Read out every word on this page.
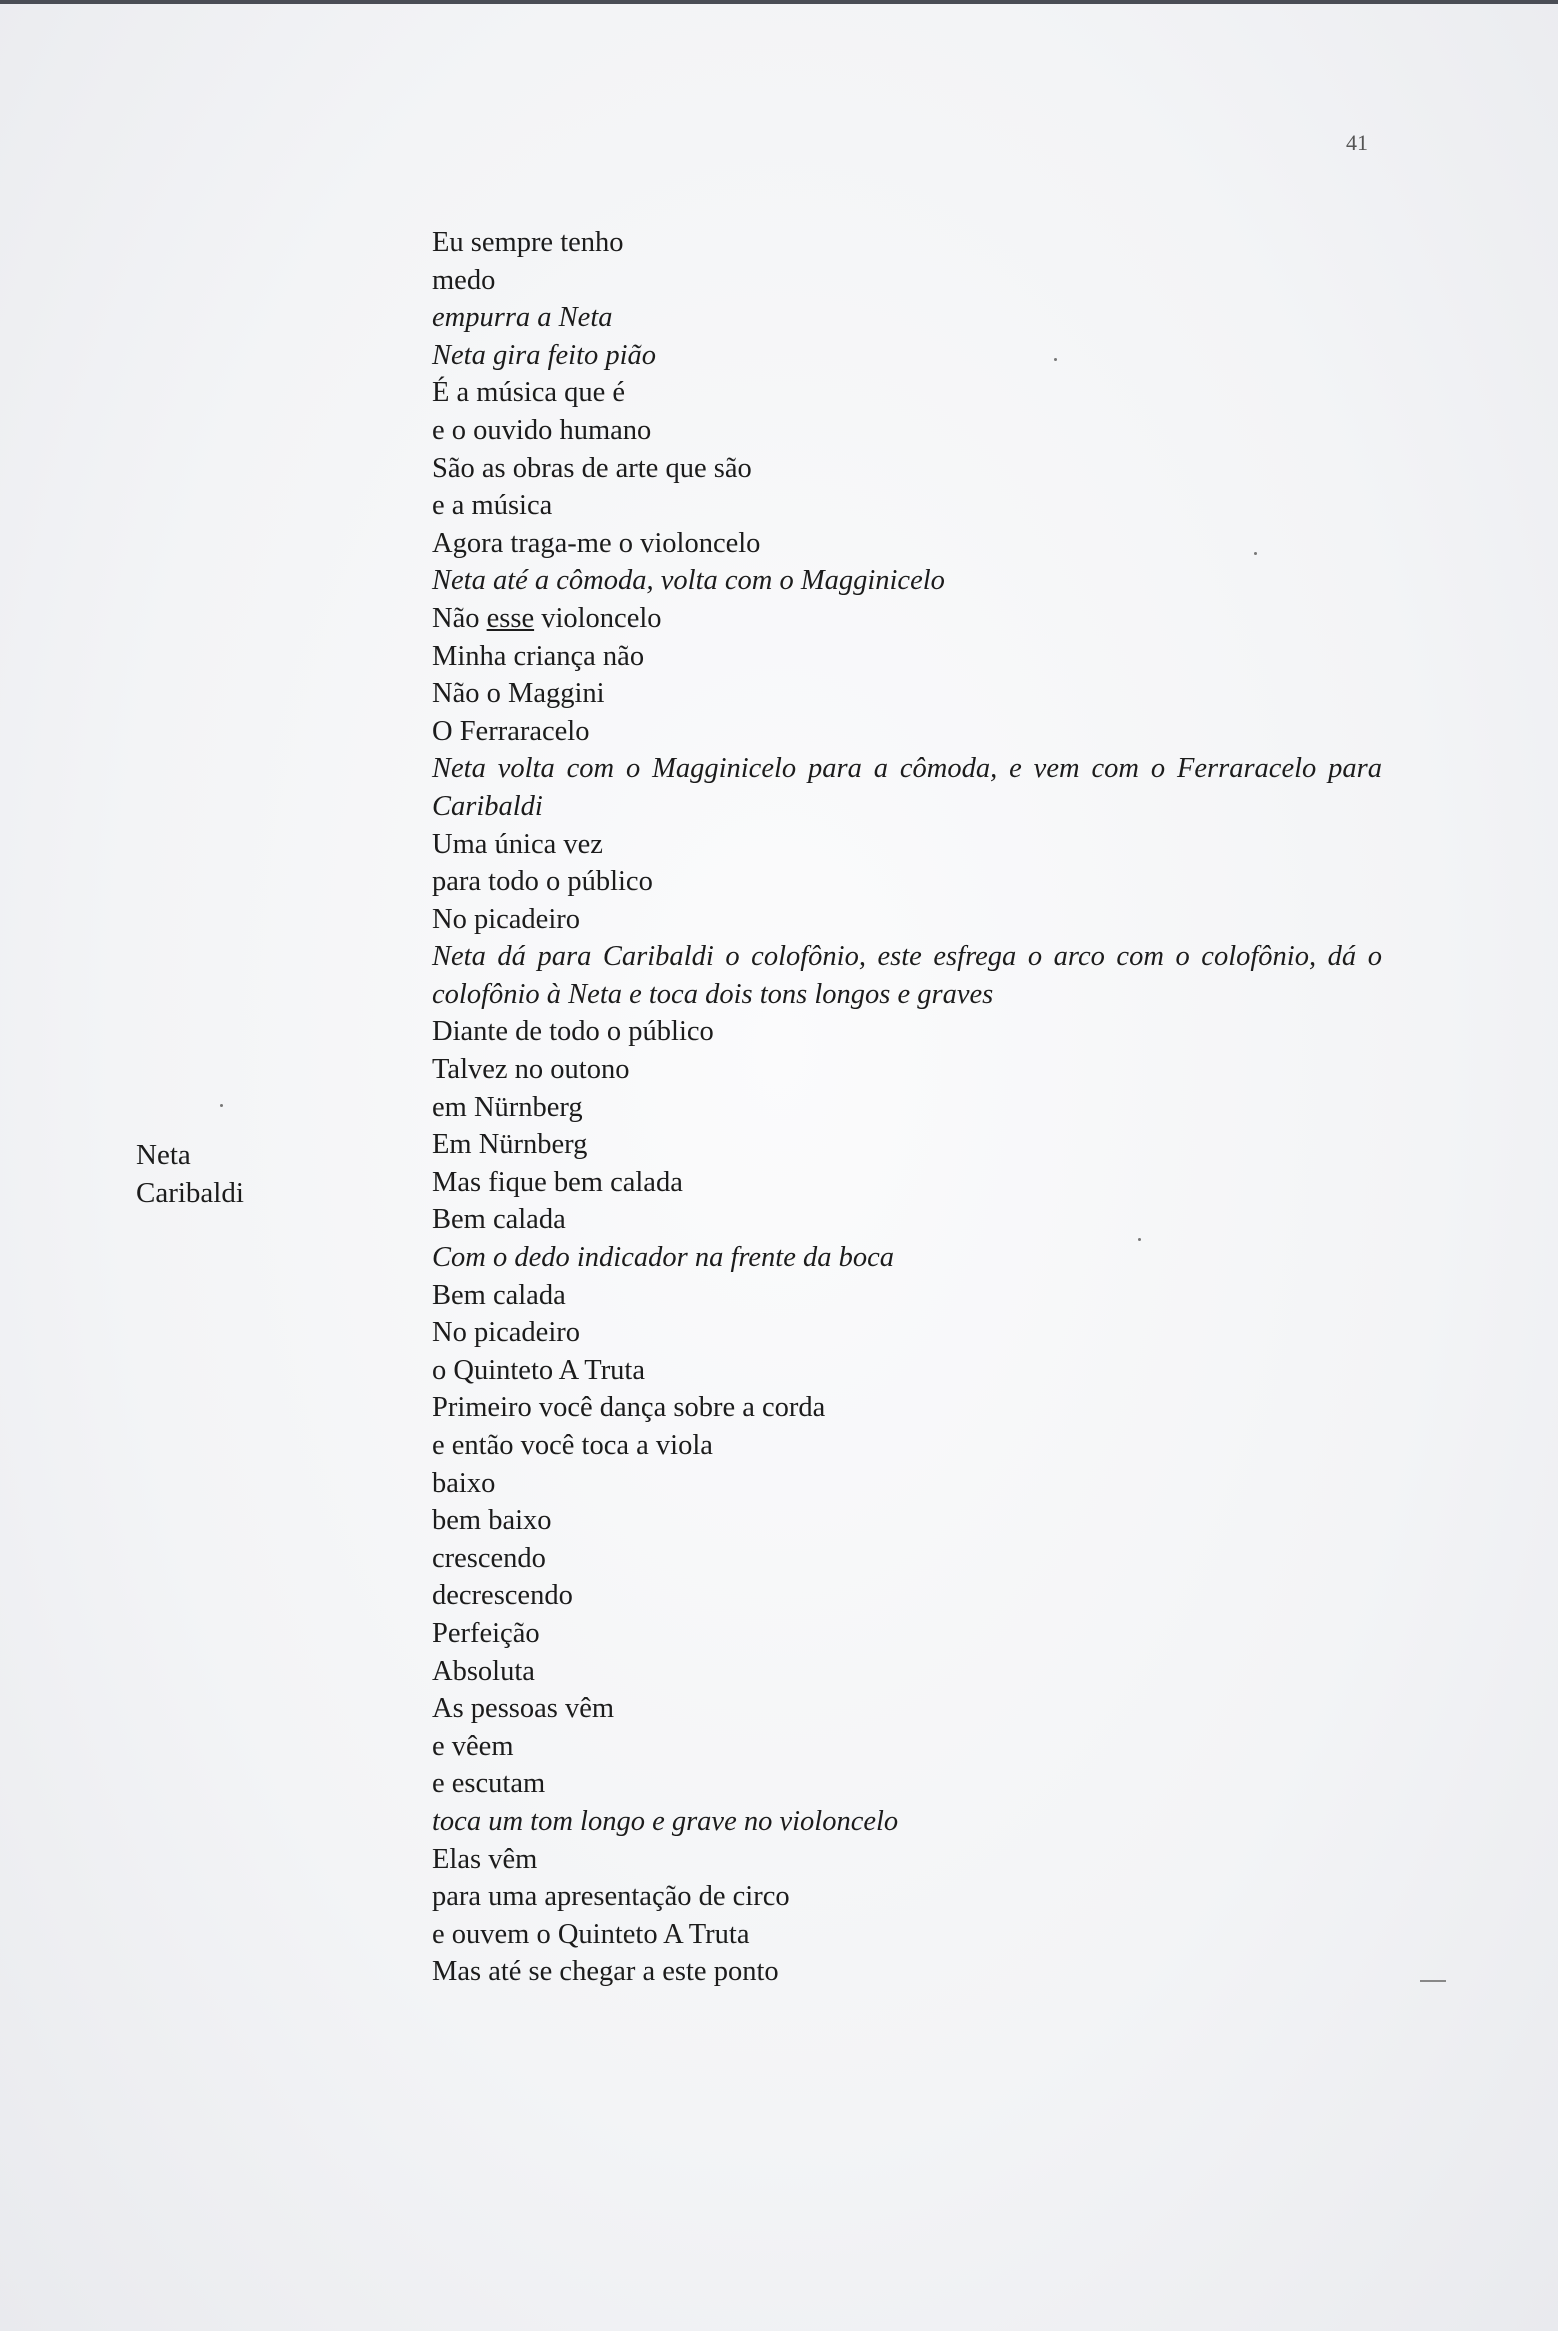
41
Neta
Caribaldi
Eu sempre tenho
medo
empurra a Neta
Neta gira feito pião
É a música que é
e o ouvido humano
São as obras de arte que são
e a música
Agora traga-me o violoncelo
Neta até a cômoda, volta com o Magginicelo
Não esse violoncelo
Minha criança não
Não o Maggini
O Ferraracelo
Neta volta com o Magginicelo para a cômoda, e vem com o Ferraracelo para Caribaldi
Uma única vez
para todo o público
No picadeiro
Neta dá para Caribaldi o colofônio, este esfrega o arco com o colofônio, dá o colofônio à Neta e toca dois tons longos e graves
Diante de todo o público
Talvez no outono
em Nürnberg
Em Nürnberg
Mas fique bem calada
Bem calada
Com o dedo indicador na frente da boca
Bem calada
No picadeiro
o Quinteto A Truta
Primeiro você dança sobre a corda
e então você toca a viola
baixo
bem baixo
crescendo
decrescendo
Perfeição
Absoluta
As pessoas vêm
e vêem
e escutam
toca um tom longo e grave no violoncelo
Elas vêm
para uma apresentação de circo
e ouvem o Quinteto A Truta
Mas até se chegar a este ponto
